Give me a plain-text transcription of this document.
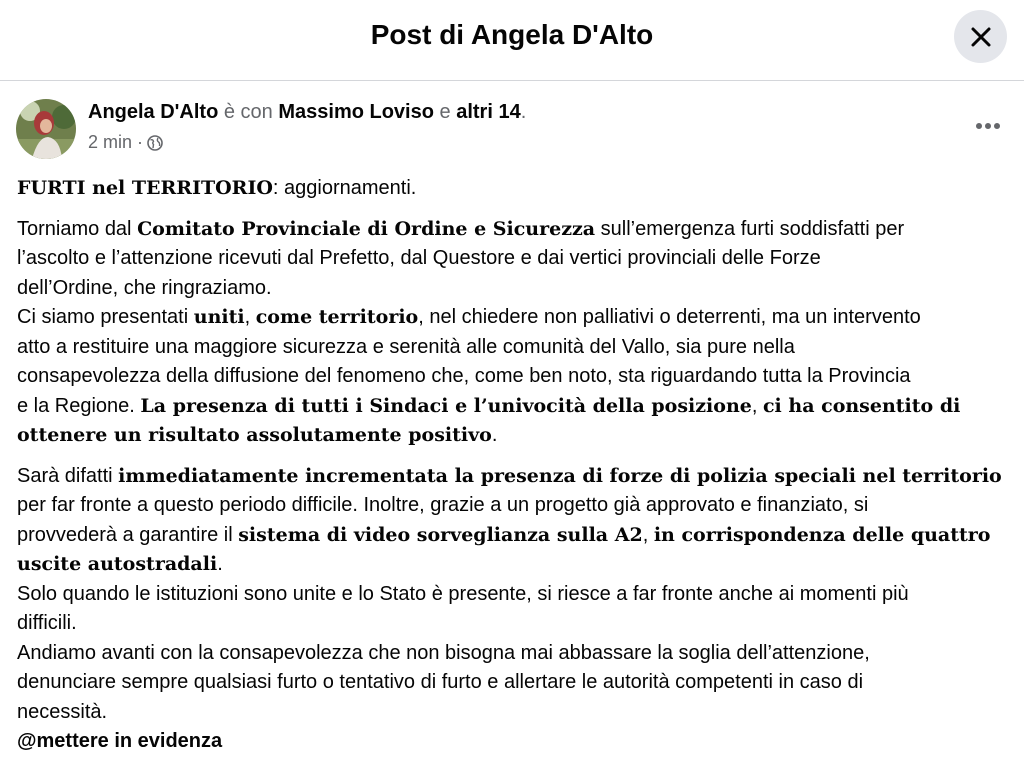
Post di Angela D'Alto
Angela D'Alto è con Massimo Loviso e altri 14.
2 min ·

FURTI nel TERRITORIO: aggiornamenti.

Torniamo dal Comitato Provinciale di Ordine e Sicurezza sull’emergenza furti soddisfatti per

l’ascolto e l’attenzione ricevuti dal Prefetto, dal Questore e dai vertici provinciali delle Forze

dell’Ordine, che ringraziamo.

Ci siamo presentati uniti, come territorio, nel chiedere non palliativi o deterrenti, ma un intervento

atto a restituire una maggiore sicurezza e serenità alle comunità del Vallo, sia pure nella

consapevolezza della diffusione del fenomeno che, come ben noto, sta riguardando tutta la Provincia

e la Regione. La presenza di tutti i Sindaci e l’univocità della posizione, ci ha consentito di

ottenere un risultato assolutamente positivo.

Sarà difatti immediatamente incrementata la presenza di forze di polizia speciali nel territorio

per far fronte a questo periodo difficile. Inoltre, grazie a un progetto già approvato e finanziato, si

provvederà a garantire il sistema di video sorveglianza sulla A2, in corrispondenza delle quattro

uscite autostradali.

Solo quando le istituzioni sono unite e lo Stato è presente, si riesce a far fronte anche ai momenti più

difficili.

Andiamo avanti con la consapevolezza che non bisogna mai abbassare la soglia dell’attenzione,

denunciare sempre qualsiasi furto o tentativo di furto e allertare le autorità competenti in caso di

necessità.

@mettere in evidenza
